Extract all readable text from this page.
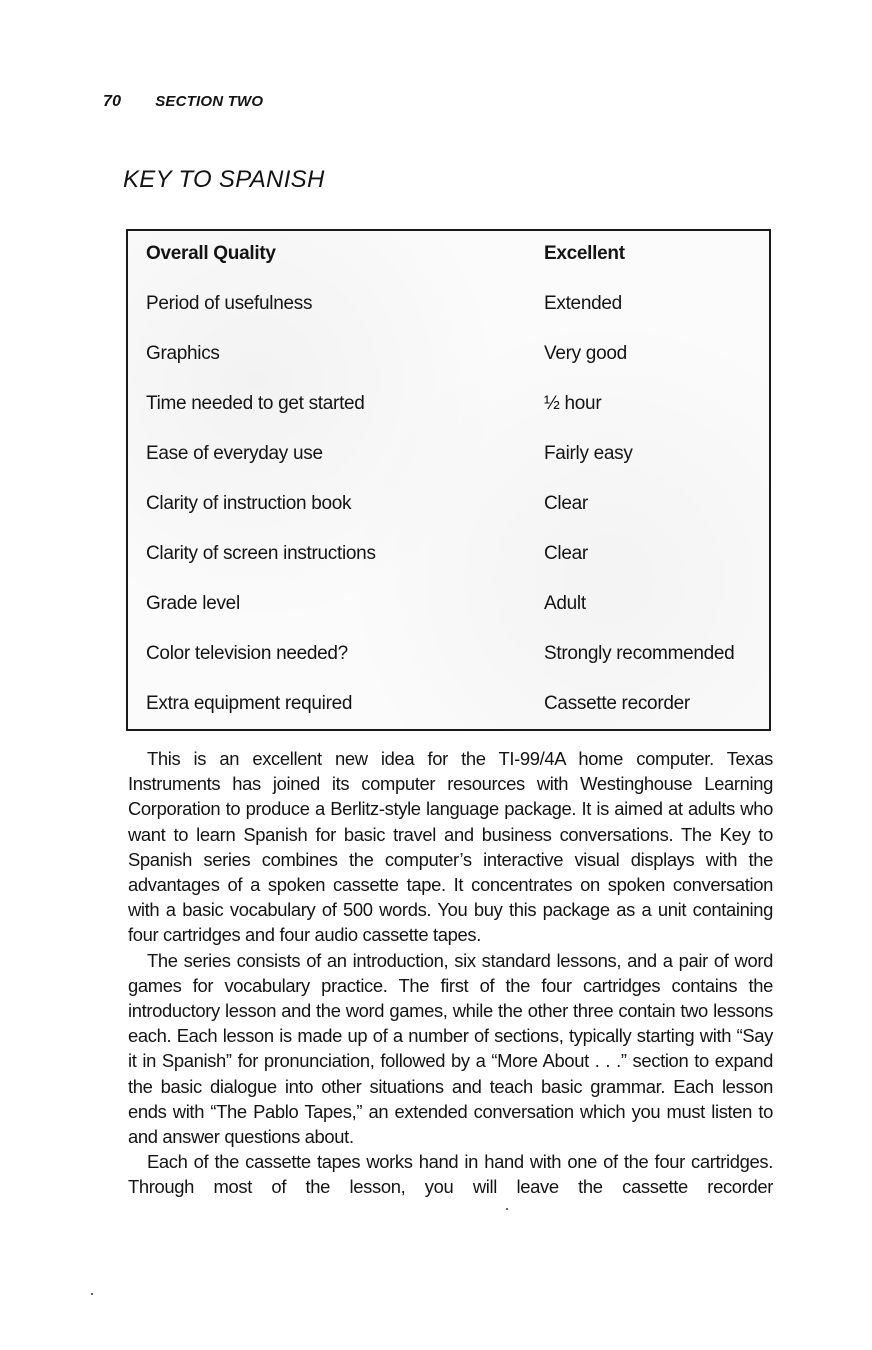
70 SECTION TWO
KEY TO SPANISH
Overall Quality	Excellent
Period of usefulness	Extended
Graphics	Very good
Time needed to get started	½ hour
Ease of everyday use	Fairly easy
Clarity of instruction book	Clear
Clarity of screen instructions	Clear
Grade level	Adult
Color television needed?	Strongly recommended
Extra equipment required	Cassette recorder

This is an excellent new idea for the TI-99/4A home computer. Texas Instruments has joined its computer resources with Westinghouse Learning Corporation to produce a Berlitz-style language package. It is aimed at adults who want to learn Spanish for basic travel and business conversations. The Key to Spanish series combines the computer’s interactive visual displays with the advantages of a spoken cassette tape. It concentrates on spoken conversation with a basic vocabulary of 500 words. You buy this package as a unit containing four cartridges and four audio cassette tapes.

The series consists of an introduction, six standard lessons, and a pair of word games for vocabulary practice. The first of the four cartridges contains the introductory lesson and the word games, while the other three contain two lessons each. Each lesson is made up of a number of sections, typically starting with “Say it in Spanish” for pronunciation, followed by a “More About . . .” section to expand the basic dialogue into other situations and teach basic grammar. Each lesson ends with “The Pablo Tapes,” an extended conversation which you must listen to and answer questions about.

Each of the cassette tapes works hand in hand with one of the four cartridges. Through most of the lesson, you will leave the cassette recorder
